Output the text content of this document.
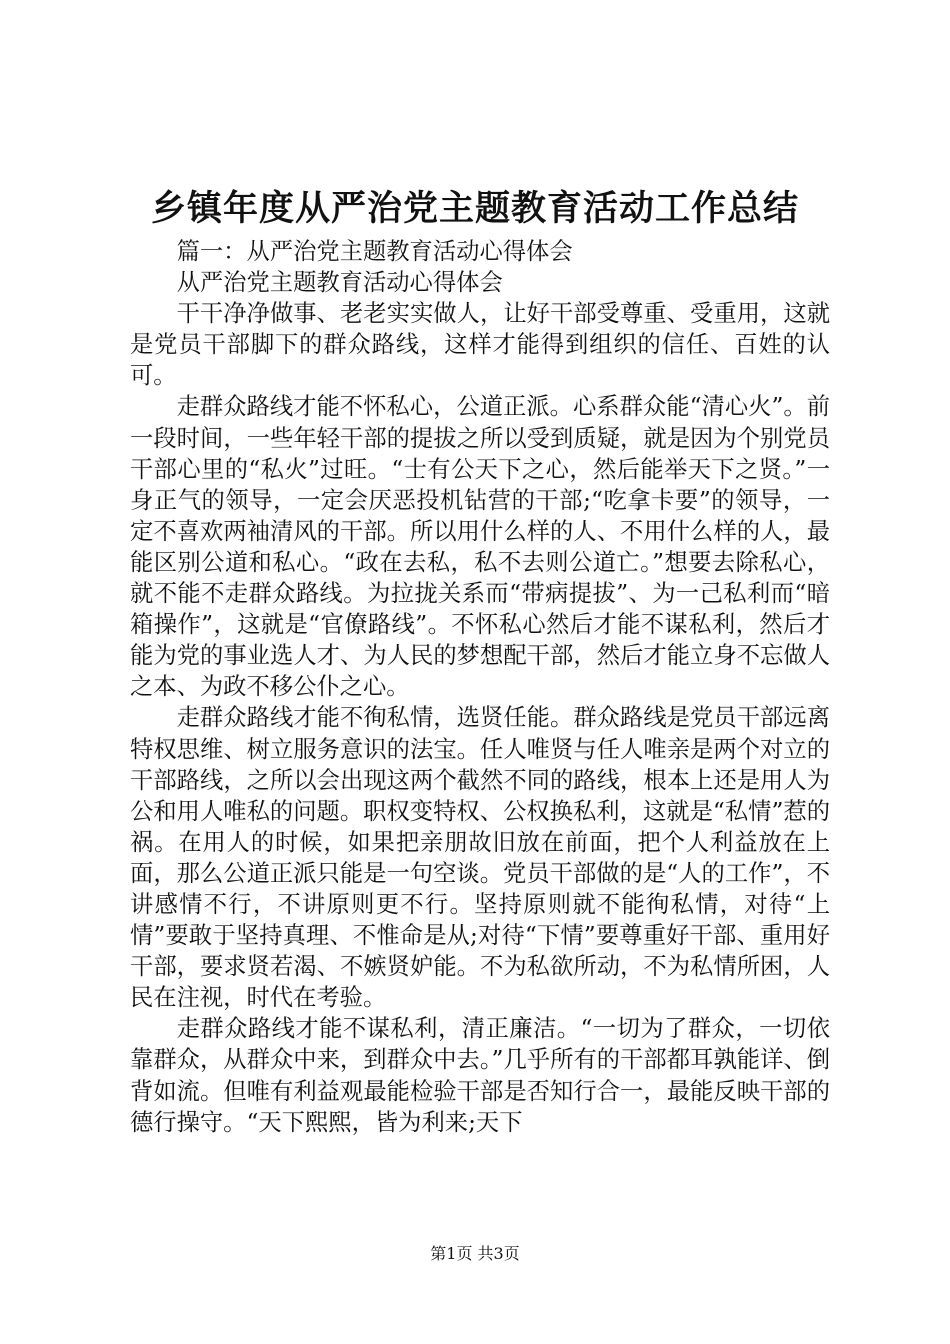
乡镇年度从严治党主题教育活动工作总结

篇一：从严治党主题教育活动心得体会

从严治党主题教育活动心得体会

干干净净做事、老老实实做人，让好干部受尊重、受重用，这就是党员干部脚下的群众路线，这样才能得到组织的信任、百姓的认可。

走群众路线才能不怀私心，公道正派。心系群众能“清心火”。前一段时间，一些年轻干部的提拔之所以受到质疑，就是因为个别党员干部心里的“私火”过旺。“士有公天下之心，然后能举天下之贤。”一身正气的领导，一定会厌恶投机钻营的干部;“吃拿卡要”的领导，一定不喜欢两袖清风的干部。所以用什么样的人、不用什么样的人，最能区别公道和私心。“政在去私，私不去则公道亡。”想要去除私心，就不能不走群众路线。为拉拢关系而“带病提拔”、为一己私利而“暗箱操作”，这就是“官僚路线”。不怀私心然后才能不谋私利，然后才能为党的事业选人才、为人民的梦想配干部，然后才能立身不忘做人之本、为政不移公仆之心。

走群众路线才能不徇私情，选贤任能。群众路线是党员干部远离特权思维、树立服务意识的法宝。任人唯贤与任人唯亲是两个对立的干部路线，之所以会出现这两个截然不同的路线，根本上还是用人为公和用人唯私的问题。职权变特权、公权换私利，这就是“私情”惹的祸。在用人的时候，如果把亲朋故旧放在前面，把个人利益放在上面，那么公道正派只能是一句空谈。党员干部做的是“人的工作”，不讲感情不行，不讲原则更不行。坚持原则就不能徇私情，对待“上情”要敢于坚持真理、不惟命是从;对待“下情”要尊重好干部、重用好干部，要求贤若渴、不嫉贤妒能。不为私欲所动，不为私情所困，人民在注视，时代在考验。

走群众路线才能不谋私利，清正廉洁。“一切为了群众，一切依靠群众，从群众中来，到群众中去。”几乎所有的干部都耳孰能详、倒背如流。但唯有利益观最能检验干部是否知行合一，最能反映干部的德行操守。“天下熙熙，皆为利来;天下

第1页 共3页
